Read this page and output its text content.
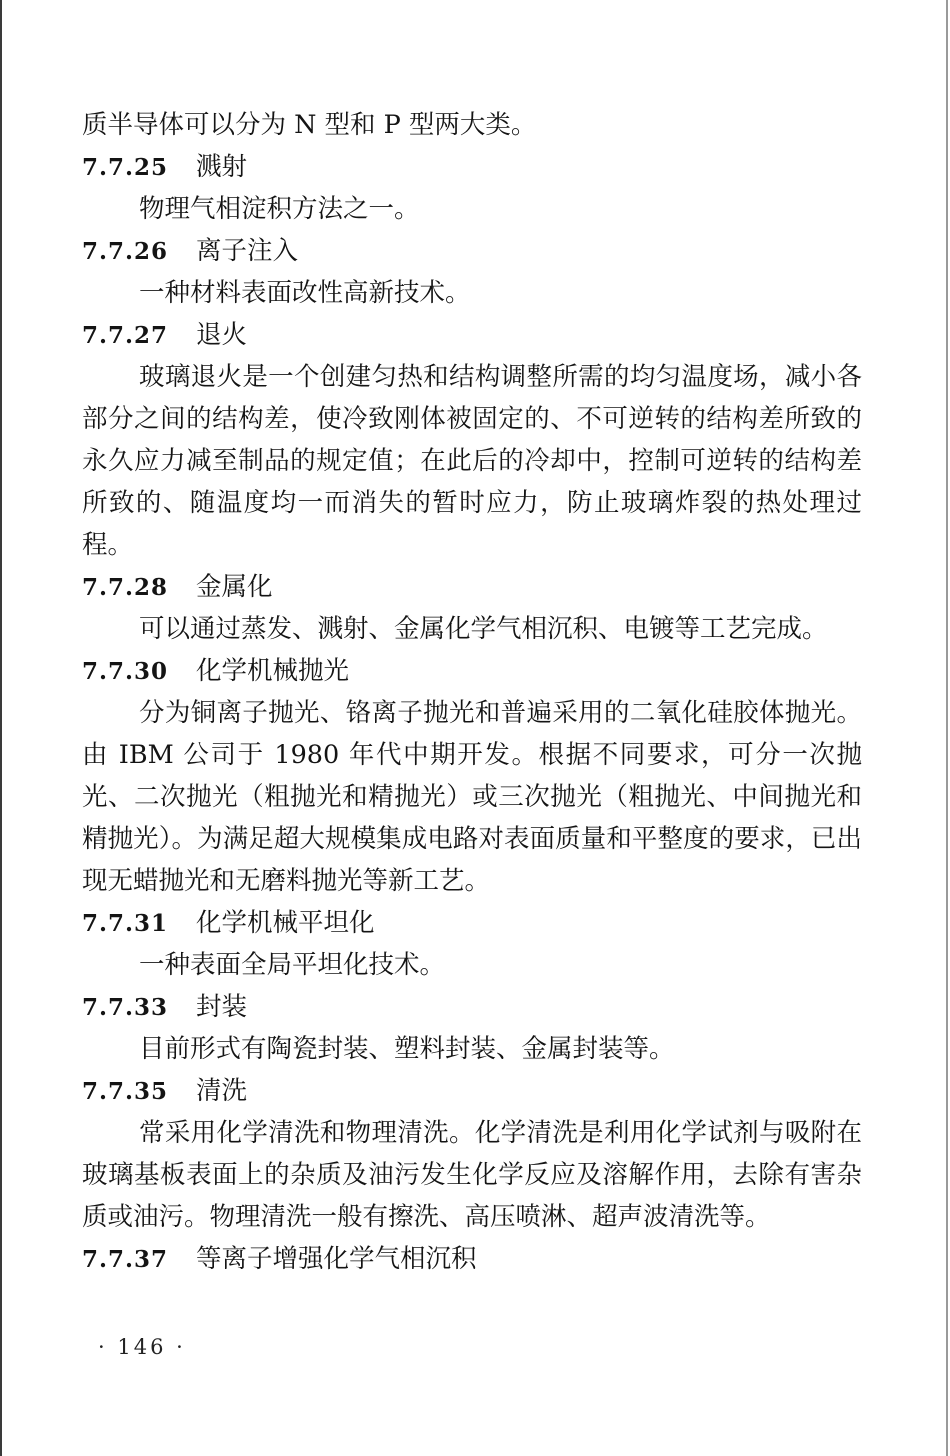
质半导体可以分为 N 型和 P 型两大类。
7.7.25 溅射
物理气相淀积方法之一。
7.7.26 离子注入
一种材料表面改性高新技术。
7.7.27 退火
玻璃退火是一个创建匀热和结构调整所需的均匀温度场，减小各部分之间的结构差，使冷致刚体被固定的、不可逆转的结构差所致的永久应力减至制品的规定值；在此后的冷却中，控制可逆转的结构差所致的、随温度均一而消失的暂时应力，防止玻璃炸裂的热处理过程。
7.7.28 金属化
可以通过蒸发、溅射、金属化学气相沉积、电镀等工艺完成。
7.7.30 化学机械抛光
分为铜离子抛光、铬离子抛光和普遍采用的二氧化硅胶体抛光。由 IBM 公司于 1980 年代中期开发。根据不同要求，可分一次抛光、二次抛光（粗抛光和精抛光）或三次抛光（粗抛光、中间抛光和精抛光）。为满足超大规模集成电路对表面质量和平整度的要求，已出现无蜡抛光和无磨料抛光等新工艺。
7.7.31 化学机械平坦化
一种表面全局平坦化技术。
7.7.33 封装
目前形式有陶瓷封装、塑料封装、金属封装等。
7.7.35 清洗
常采用化学清洗和物理清洗。化学清洗是利用化学试剂与吸附在玻璃基板表面上的杂质及油污发生化学反应及溶解作用，去除有害杂质或油污。物理清洗一般有擦洗、高压喷淋、超声波清洗等。
7.7.37 等离子增强化学气相沉积
· 146 ·
